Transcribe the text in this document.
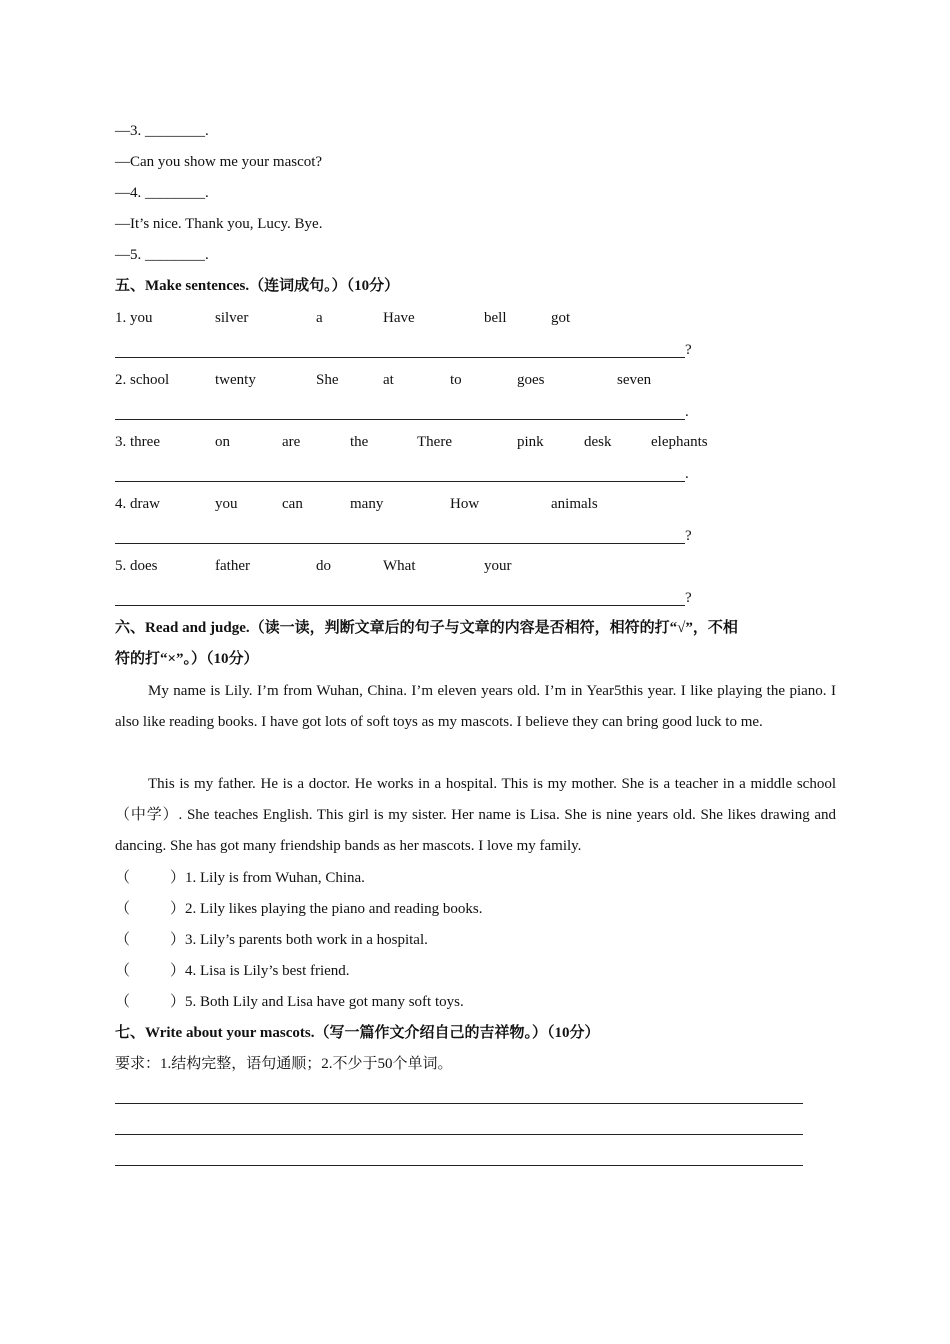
—3. ________.
—Can you show me your mascot?
—4. ________.
—It’s nice. Thank you, Lucy. Bye.
—5. ________.
五、Make sentences.（连词成句。）（10分）
1. you	silver	a	Have	bell	got
?
2. school	twenty	She	at	to	goes	seven
.
3. three	on	are	the	There	pink	desk	elephants
.
4. draw	you	can	many	How	animals
?
5. does	father	do	What	your
?
六、Read and judge.（读一读，判断文章后的句子与文章的内容是否相符，相符的打“√”，不相
符的打“×”。）（10分）
My name is Lily. I’m from Wuhan, China. I’m eleven years old. I’m in Year5this year. I like playing the piano. I also like reading books. I have got lots of soft toys as my mascots. I believe they can bring good luck to me.
This is my father. He is a doctor. He works in a hospital. This is my mother. She is a teacher in a middle school（中学）. She teaches English. This girl is my sister. Her name is Lisa. She is nine years old. She likes drawing and dancing. She has got many friendship bands as her mascots. I love my family.
（	）1. Lily is from Wuhan, China.
（	）2. Lily likes playing the piano and reading books.
（	）3. Lily’s parents both work in a hospital.
（	）4. Lisa is Lily’s best friend.
（	）5. Both Lily and Lisa have got many soft toys.
七、Write about your mascots.（写一篇作文介绍自己的吉祥物。）（10分）
要求：1.结构完整，语句通顺；2.不少于50个单词。
